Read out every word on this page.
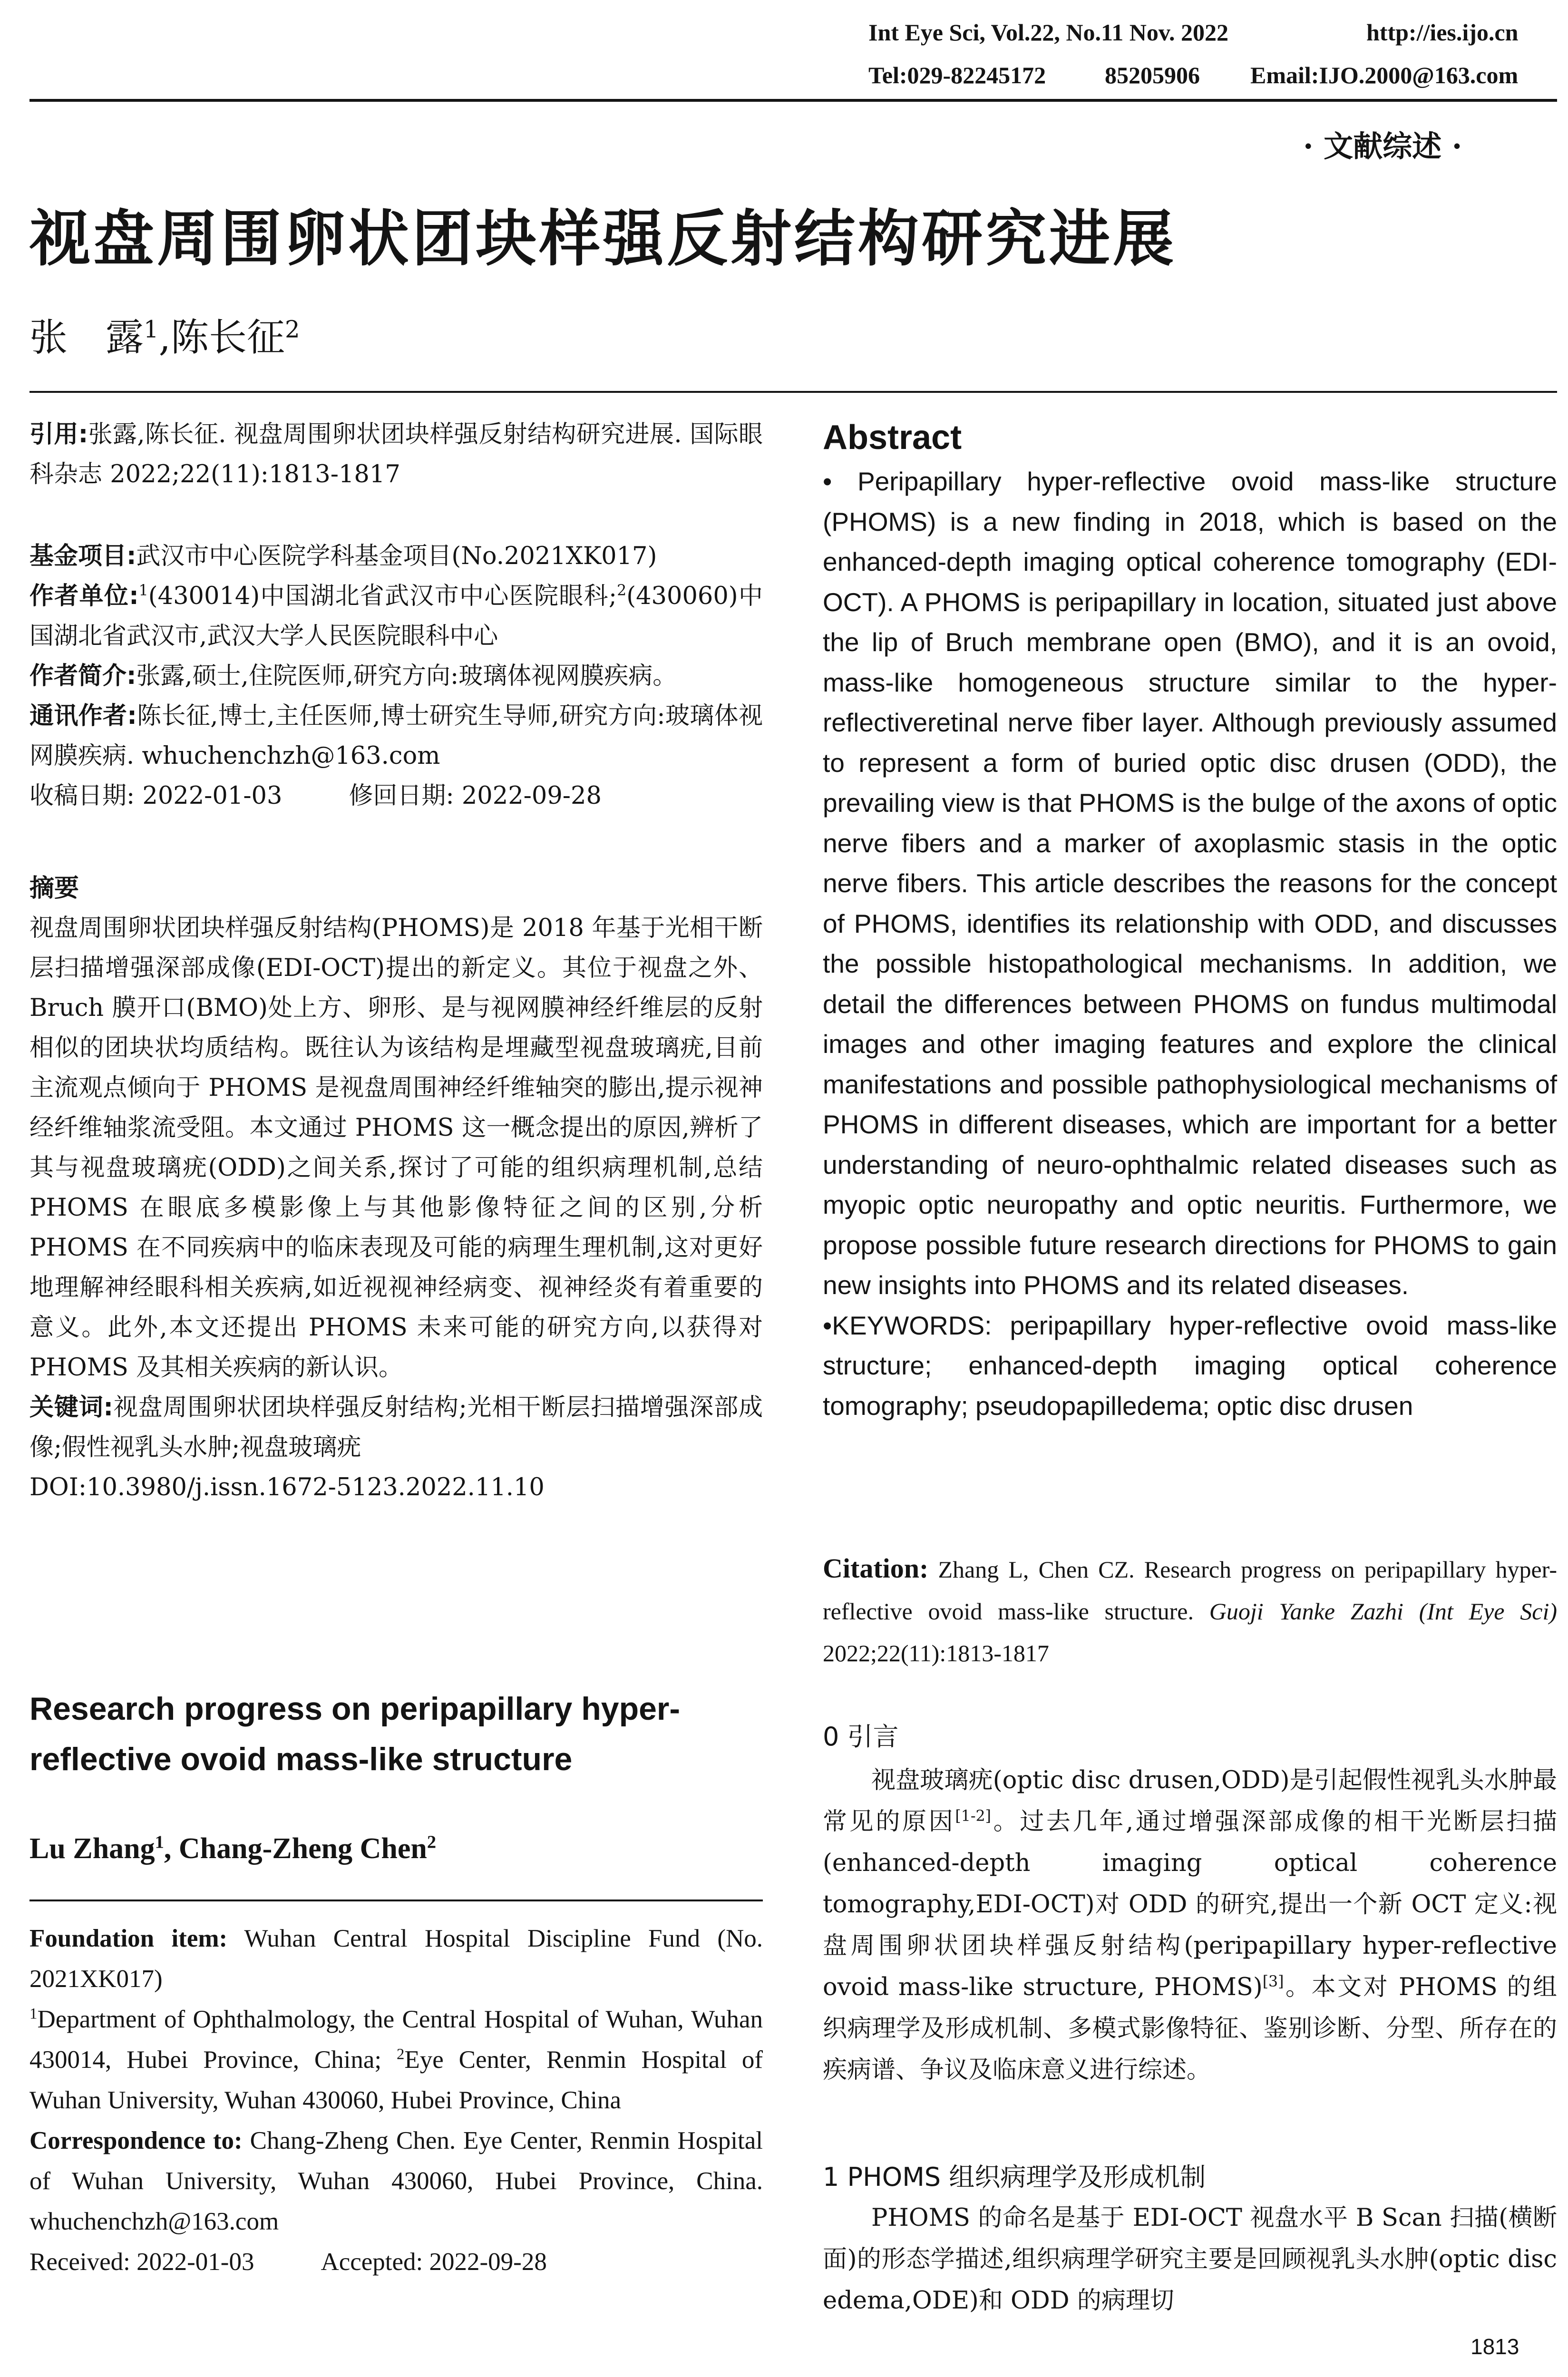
Int Eye Sci, Vol.22, No.11 Nov. 2022	http://ies.ijo.cn
Tel:029-82245172 85205906 Email:IJO.2000@163.com
· 文献综述 ·
视盘周围卵状团块样强反射结构研究进展
张　露$^1$,陈长征$^2$
引用:张露,陈长征. 视盘周围卵状团块样强反射结构研究进展. 国际眼科杂志 2022;22(11):1813-1817

基金项目:武汉市中心医院学科基金项目(No.2021XK017)

作者单位:$^1$(430014)中国湖北省武汉市中心医院眼科;$^2$(430060)中国湖北省武汉市,武汉大学人民医院眼科中心

作者简介:张露,硕士,住院医师,研究方向:玻璃体视网膜疾病。

通讯作者:陈长征,博士,主任医师,博士研究生导师,研究方向:玻璃体视网膜疾病. whuchenchzh@163.com

收稿日期: 2022-01-03	修回日期: 2022-09-28

摘要

视盘周围卵状团块样强反射结构(PHOMS)是 2018 年基于光相干断层扫描增强深部成像(EDI-OCT)提出的新定义。其位于视盘之外、Bruch 膜开口(BMO)处上方、卵形、是与视网膜神经纤维层的反射相似的团块状均质结构。既往认为该结构是埋藏型视盘玻璃疣,目前主流观点倾向于 PHOMS 是视盘周围神经纤维轴突的膨出,提示视神经纤维轴浆流受阻。本文通过 PHOMS 这一概念提出的原因,辨析了其与视盘玻璃疣(ODD)之间关系,探讨了可能的组织病理机制,总结 PHOMS 在眼底多模影像上与其他影像特征之间的区别,分析 PHOMS 在不同疾病中的临床表现及可能的病理生理机制,这对更好地理解神经眼科相关疾病,如近视视神经病变、视神经炎有着重要的意义。此外,本文还提出 PHOMS 未来可能的研究方向,以获得对 PHOMS 及其相关疾病的新认识。

关键词:视盘周围卵状团块样强反射结构;光相干断层扫描增强深部成像;假性视乳头水肿;视盘玻璃疣

DOI:10.3980/j.issn.1672-5123.2022.11.10

Research progress on peripapillary hyper-reflective ovoid mass-like structure
Lu Zhang$^1$, Chang-Zheng Chen$^2$

Foundation item: Wuhan Central Hospital Discipline Fund (No. 2021XK017)

$^1$Department of Ophthalmology, the Central Hospital of Wuhan, Wuhan 430014, Hubei Province, China; $^2$Eye Center, Renmin Hospital of Wuhan University, Wuhan 430060, Hubei Province, China

Correspondence to: Chang-Zheng Chen. Eye Center, Renmin Hospital of Wuhan University, Wuhan 430060, Hubei Province, China. whuchenchzh@163.com

Received: 2022-01-03	Accepted: 2022-09-28

Abstract

• Peripapillary hyper-reflective ovoid mass-like structure (PHOMS) is a new finding in 2018, which is based on the enhanced-depth imaging optical coherence tomography (EDI-OCT). A PHOMS is peripapillary in location, situated just above the lip of Bruch membrane open (BMO), and it is an ovoid, mass-like homogeneous structure similar to the hyper-reflectiveretinal nerve fiber layer. Although previously assumed to represent a form of buried optic disc drusen (ODD), the prevailing view is that PHOMS is the bulge of the axons of optic nerve fibers and a marker of axoplasmic stasis in the optic nerve fibers. This article describes the reasons for the concept of PHOMS, identifies its relationship with ODD, and discusses the possible histopathological mechanisms. In addition, we detail the differences between PHOMS on fundus multimodal images and other imaging features and explore the clinical manifestations and possible pathophysiological mechanisms of PHOMS in different diseases, which are important for a better understanding of neuro-ophthalmic related diseases such as myopic optic neuropathy and optic neuritis. Furthermore, we propose possible future research directions for PHOMS to gain new insights into PHOMS and its related diseases.

•KEYWORDS: peripapillary hyper-reflective ovoid mass-like structure; enhanced-depth imaging optical coherence tomography; pseudopapilledema; optic disc drusen

Citation: Zhang L, Chen CZ. Research progress on peripapillary hyper-reflective ovoid mass-like structure. Guoji Yanke Zazhi (Int Eye Sci) 2022;22(11):1813-1817
0 引言

视盘玻璃疣(optic disc drusen,ODD)是引起假性视乳头水肿最常见的原因[1-2]。过去几年,通过增强深部成像的相干光断层扫描(enhanced-depth imaging optical coherence tomography,EDI-OCT)对 ODD 的研究,提出一个新 OCT 定义:视盘周围卵状团块样强反射结构(peripapillary hyper-reflective ovoid mass-like structure, PHOMS)[3]。本文对 PHOMS 的组织病理学及形成机制、多模式影像特征、鉴别诊断、分型、所存在的疾病谱、争议及临床意义进行综述。

1 PHOMS 组织病理学及形成机制

PHOMS 的命名是基于 EDI-OCT 视盘水平 B Scan 扫描(横断面)的形态学描述,组织病理学研究主要是回顾视乳头水肿(optic disc edema,ODE)和 ODD 的病理切

1813
